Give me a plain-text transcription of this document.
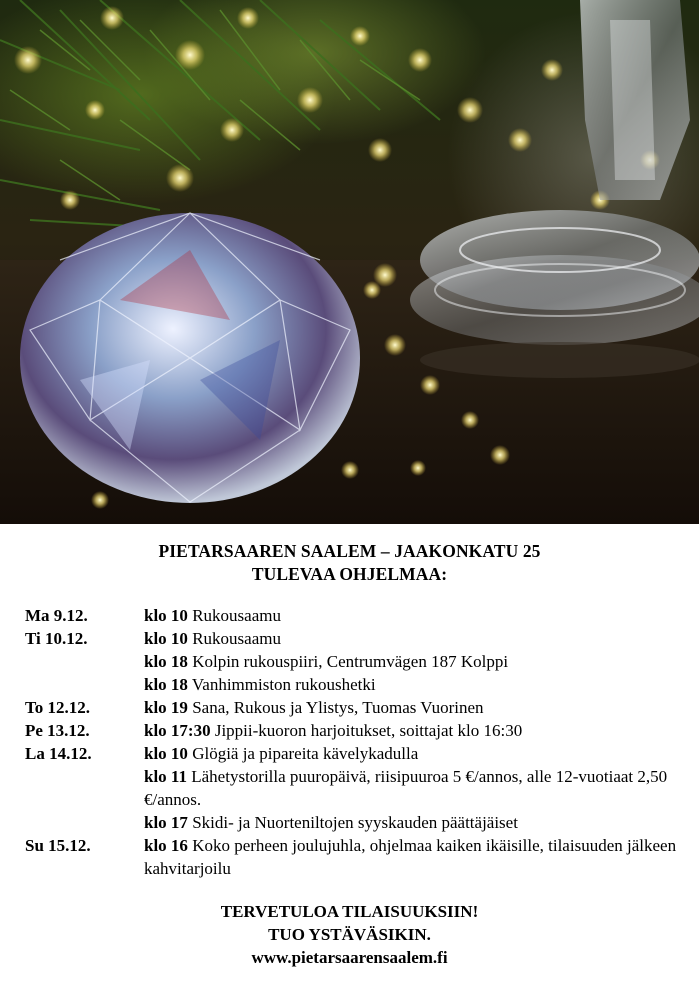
PIETARSAAREN SAALEM – JAAKONKATU 25
TULEVAA OHJELMAA:
Ma 9.12.	klo 10 Rukousaamu
Ti 10.12.	klo 10 Rukousaamu
klo 18 Kolpin rukouspiiri, Centrumvägen 187 Kolppi
klo 18 Vanhimmiston rukoushetki
To 12.12.	klo 19 Sana, Rukous ja Ylistys, Tuomas Vuorinen
Pe 13.12.	klo 17:30 Jippii-kuoron harjoitukset, soittajat klo 16:30
La 14.12.	klo 10 Glögiä ja pipareita kävelykadulla
klo 11 Lähetystorilla puuropäivä, riisipuuroa 5 €/annos, alle 12-vuotiaat 2,50 €/annos.
klo 17 Skidi- ja Nuorteniltojen syyskauden päättäjäiset
Su 15.12.	klo 16 Koko perheen joulujuhla, ohjelmaa kaiken ikäisille, tilaisuuden jälkeen kahvitarjoilu
TERVETULOA TILAISUUKSIIN!
TUO YSTÄVÄSIKIN.
www.pietarsaarensaalem.fi
